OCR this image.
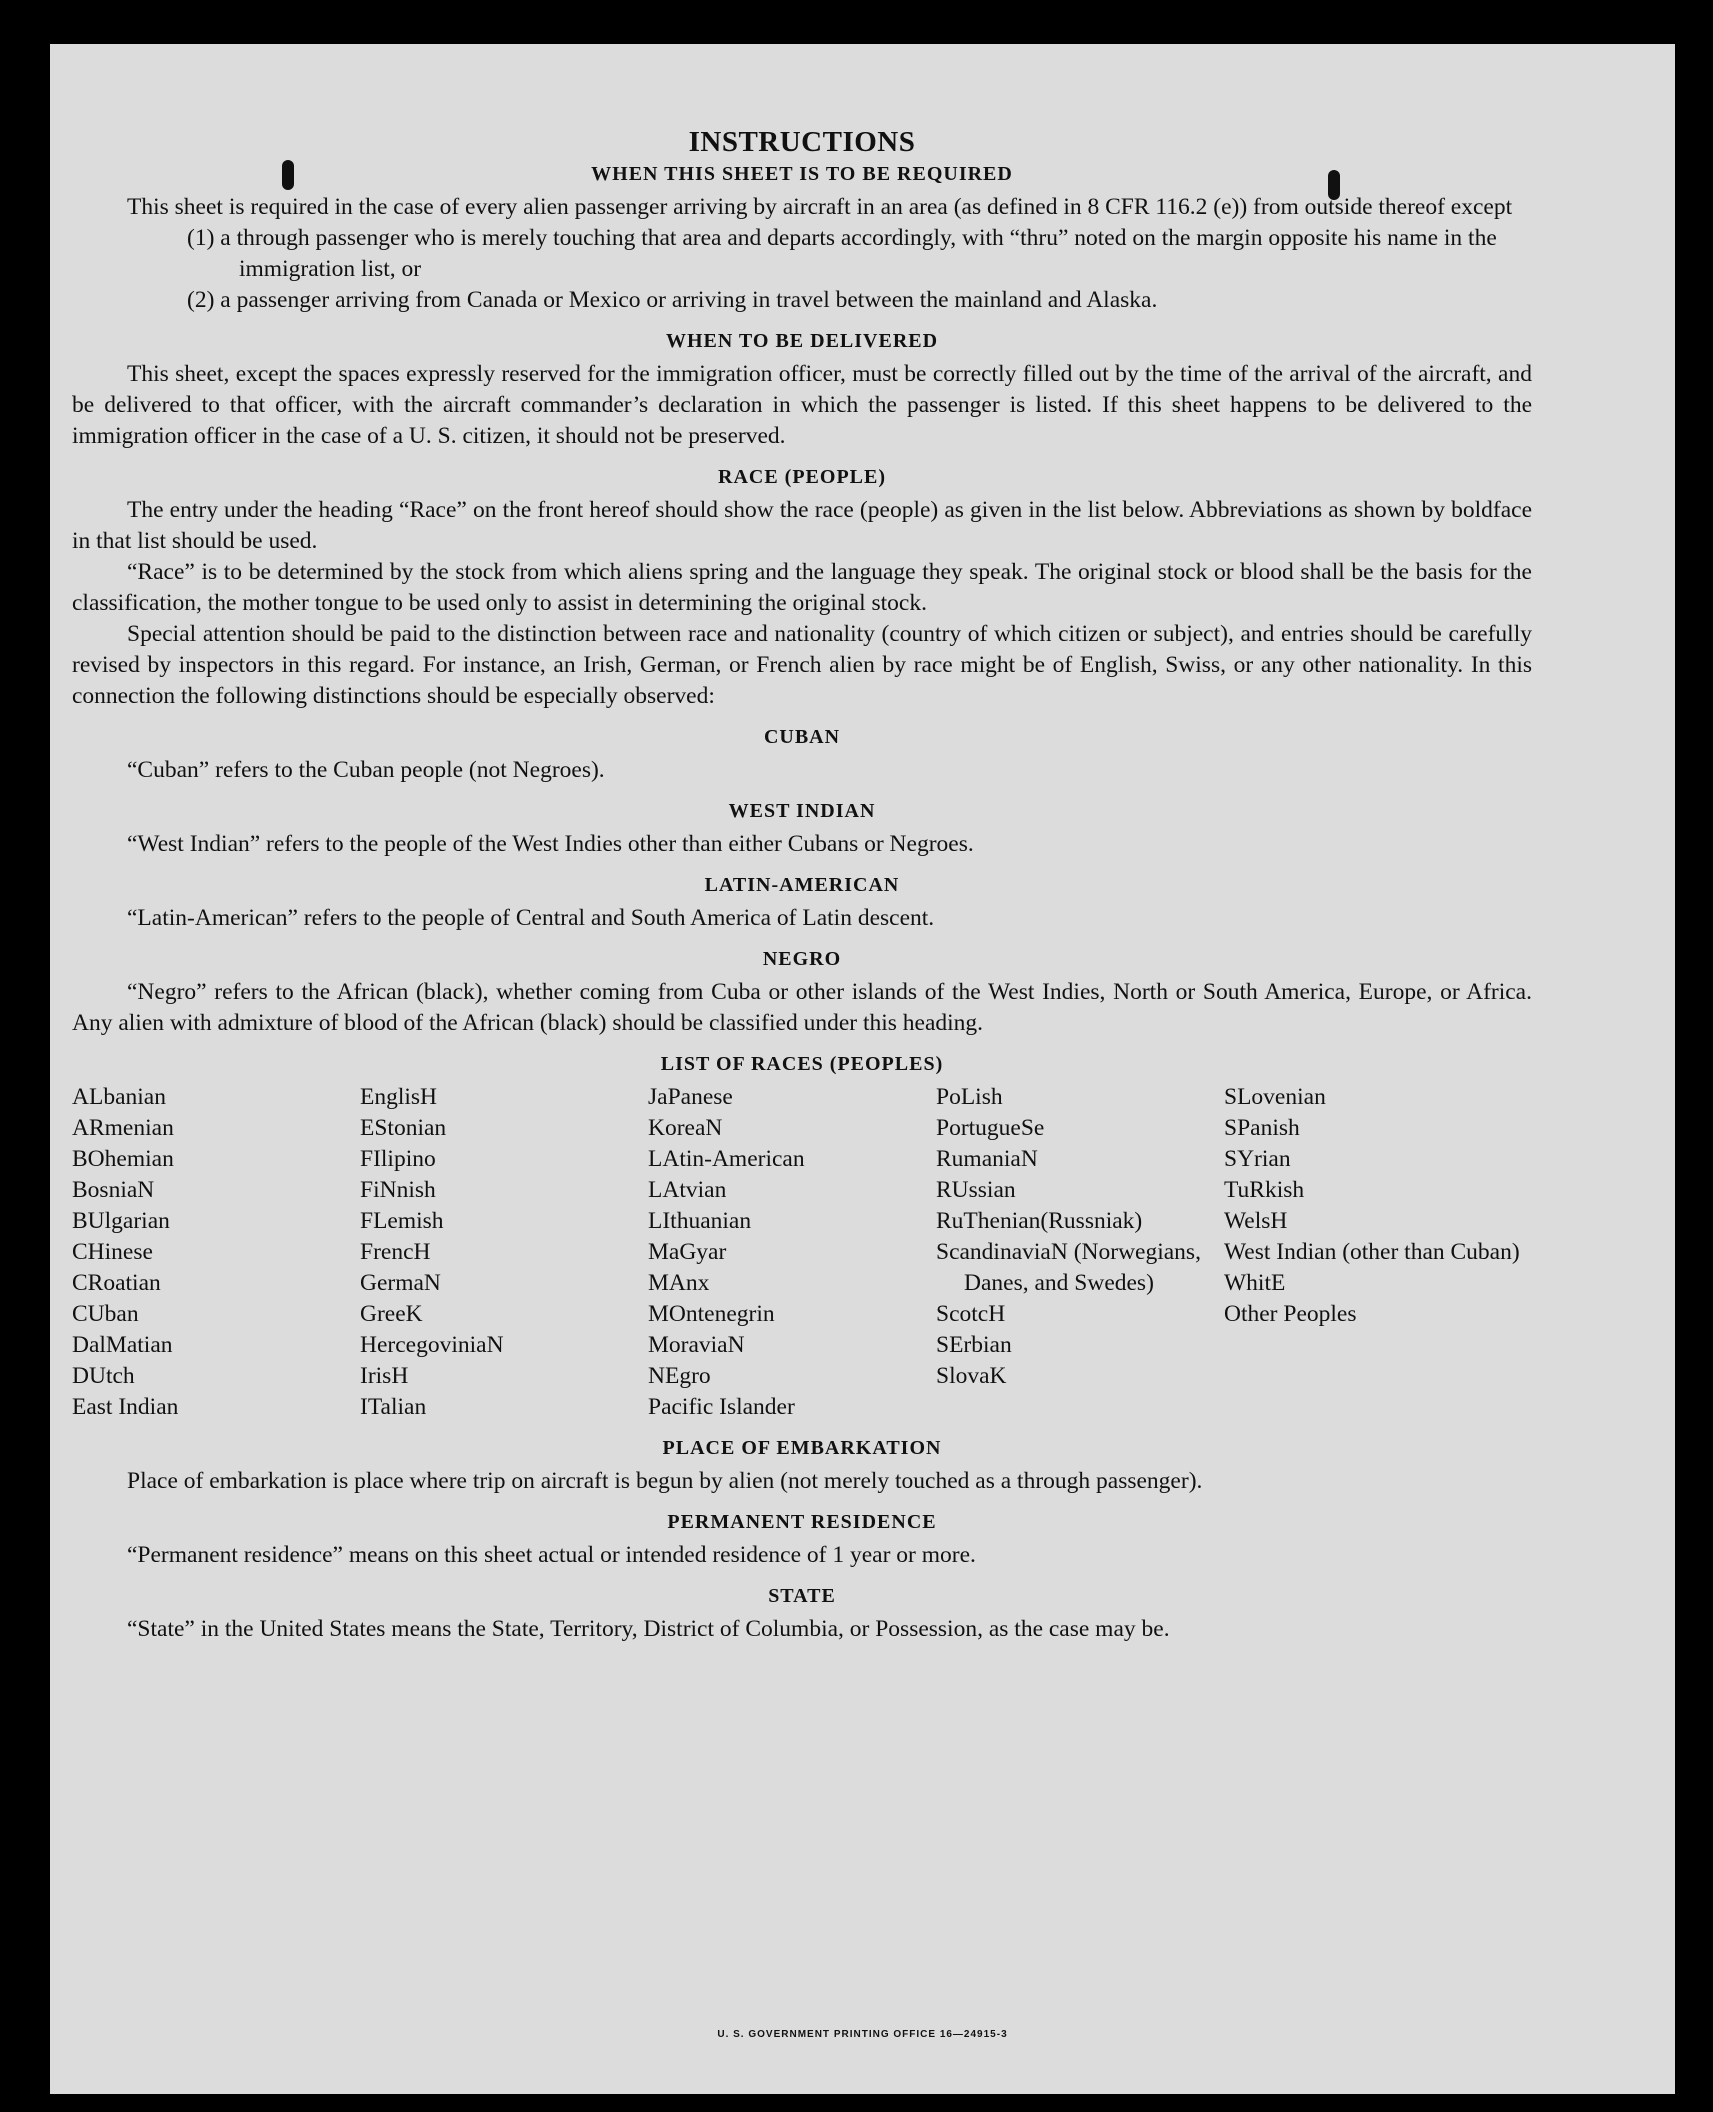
INSTRUCTIONS
WHEN THIS SHEET IS TO BE REQUIRED

This sheet is required in the case of every alien passenger arriving by aircraft in an area (as defined in 8 CFR 116.2 (e)) from outside thereof except

(1) a through passenger who is merely touching that area and departs accordingly, with “thru” noted on the margin opposite his name in the immigration list, or

(2) a passenger arriving from Canada or Mexico or arriving in travel between the mainland and Alaska.

WHEN TO BE DELIVERED

This sheet, except the spaces expressly reserved for the immigration officer, must be correctly filled out by the time of the arrival of the aircraft, and be delivered to that officer, with the aircraft commander’s declaration in which the passenger is listed. If this sheet happens to be delivered to the immigration officer in the case of a U. S. citizen, it should not be preserved.

RACE (PEOPLE)

The entry under the heading “Race” on the front hereof should show the race (people) as given in the list below. Abbreviations as shown by boldface in that list should be used.

“Race” is to be determined by the stock from which aliens spring and the language they speak. The original stock or blood shall be the basis for the classification, the mother tongue to be used only to assist in determining the original stock.

Special attention should be paid to the distinction between race and nationality (country of which citizen or subject), and entries should be carefully revised by inspectors in this regard. For instance, an Irish, German, or French alien by race might be of English, Swiss, or any other nationality. In this connection the following distinctions should be especially observed:

CUBAN

“Cuban” refers to the Cuban people (not Negroes).

WEST INDIAN

“West Indian” refers to the people of the West Indies other than either Cubans or Negroes.

LATIN-AMERICAN

“Latin-American” refers to the people of Central and South America of Latin descent.

NEGRO

“Negro” refers to the African (black), whether coming from Cuba or other islands of the West Indies, North or South America, Europe, or Africa. Any alien with admixture of blood of the African (black) should be classified under this heading.

LIST OF RACES (PEOPLES)
ALbanian
ARmenian
BOhemian
BosniaN
BUlgarian
CHinese
CRoatian
CUban
DalMatian
DUtch
East Indian
EnglisH
EStonian
FIlipino
FiNnish
FLemish
FrencH
GermaN
GreeK
HercegoviniaN
IrisH
ITalian
JaPanese
KoreaN
LAtin-American
LAtvian
LIthuanian
MaGyar
MAnx
MOntenegrin
MoraviaN
NEgro
Pacific Islander
PoLish
PortugueSe
RumaniaN
RUssian
RuThenian(Russniak)
ScandinaviaN (Norwegians, Danes, and Swedes)
ScotcH
SErbian
SlovaK
SLovenian
SPanish
SYrian
TuRkish
WelsH
West Indian (other than Cuban)
WhitE
Other Peoples
PLACE OF EMBARKATION

Place of embarkation is place where trip on aircraft is begun by alien (not merely touched as a through passenger).

PERMANENT RESIDENCE

“Permanent residence” means on this sheet actual or intended residence of 1 year or more.

STATE

“State” in the United States means the State, Territory, District of Columbia, or Possession, as the case may be.

U. S. GOVERNMENT PRINTING OFFICE 16—24915-3
